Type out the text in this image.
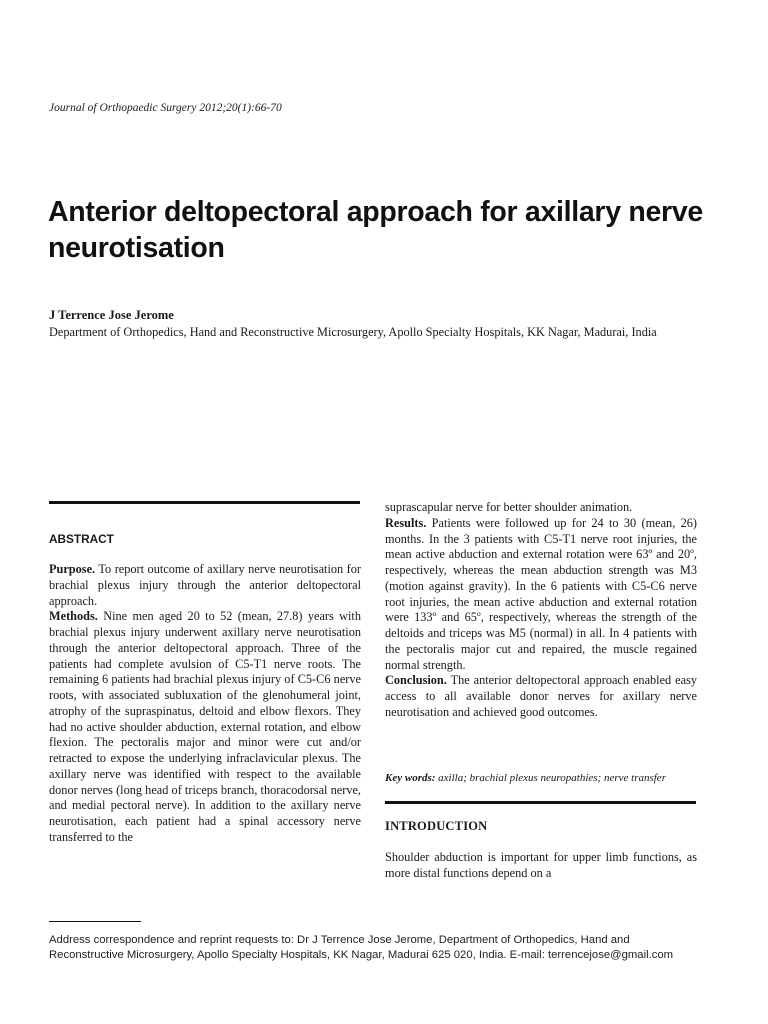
Journal of Orthopaedic Surgery 2012;20(1):66-70
Anterior deltopectoral approach for axillary nerve neurotisation
J Terrence Jose Jerome
Department of Orthopedics, Hand and Reconstructive Microsurgery, Apollo Specialty Hospitals, KK Nagar, Madurai, India
ABSTRACT

Purpose. To report outcome of axillary nerve neurotisation for brachial plexus injury through the anterior deltopectoral approach.

Methods. Nine men aged 20 to 52 (mean, 27.8) years with brachial plexus injury underwent axillary nerve neurotisation through the anterior deltopectoral approach. Three of the patients had complete avulsion of C5-T1 nerve roots. The remaining 6 patients had brachial plexus injury of C5-C6 nerve roots, with associated subluxation of the glenohumeral joint, atrophy of the supraspinatus, deltoid and elbow flexors. They had no active shoulder abduction, external rotation, and elbow flexion. The pectoralis major and minor were cut and/or retracted to expose the underlying infraclavicular plexus. The axillary nerve was identified with respect to the available donor nerves (long head of triceps branch, thoracodorsal nerve, and medial pectoral nerve). In addition to the axillary nerve neurotisation, each patient had a spinal accessory nerve transferred to the

suprascapular nerve for better shoulder animation.

Results. Patients were followed up for 24 to 30 (mean, 26) months. In the 3 patients with C5-T1 nerve root injuries, the mean active abduction and external rotation were 63º and 20º, respectively, whereas the mean abduction strength was M3 (motion against gravity). In the 6 patients with C5-C6 nerve root injuries, the mean active abduction and external rotation were 133º and 65º, respectively, whereas the strength of the deltoids and triceps was M5 (normal) in all. In 4 patients with the pectoralis major cut and repaired, the muscle regained normal strength.

Conclusion. The anterior deltopectoral approach enabled easy access to all available donor nerves for axillary nerve neurotisation and achieved good outcomes.

Key words: axilla; brachial plexus neuropathies; nerve transfer
INTRODUCTION
Shoulder abduction is important for upper limb functions, as more distal functions depend on a
Address correspondence and reprint requests to: Dr J Terrence Jose Jerome, Department of Orthopedics, Hand and Reconstructive Microsurgery, Apollo Specialty Hospitals, KK Nagar, Madurai 625 020, India. E-mail: terrencejose@gmail.com
